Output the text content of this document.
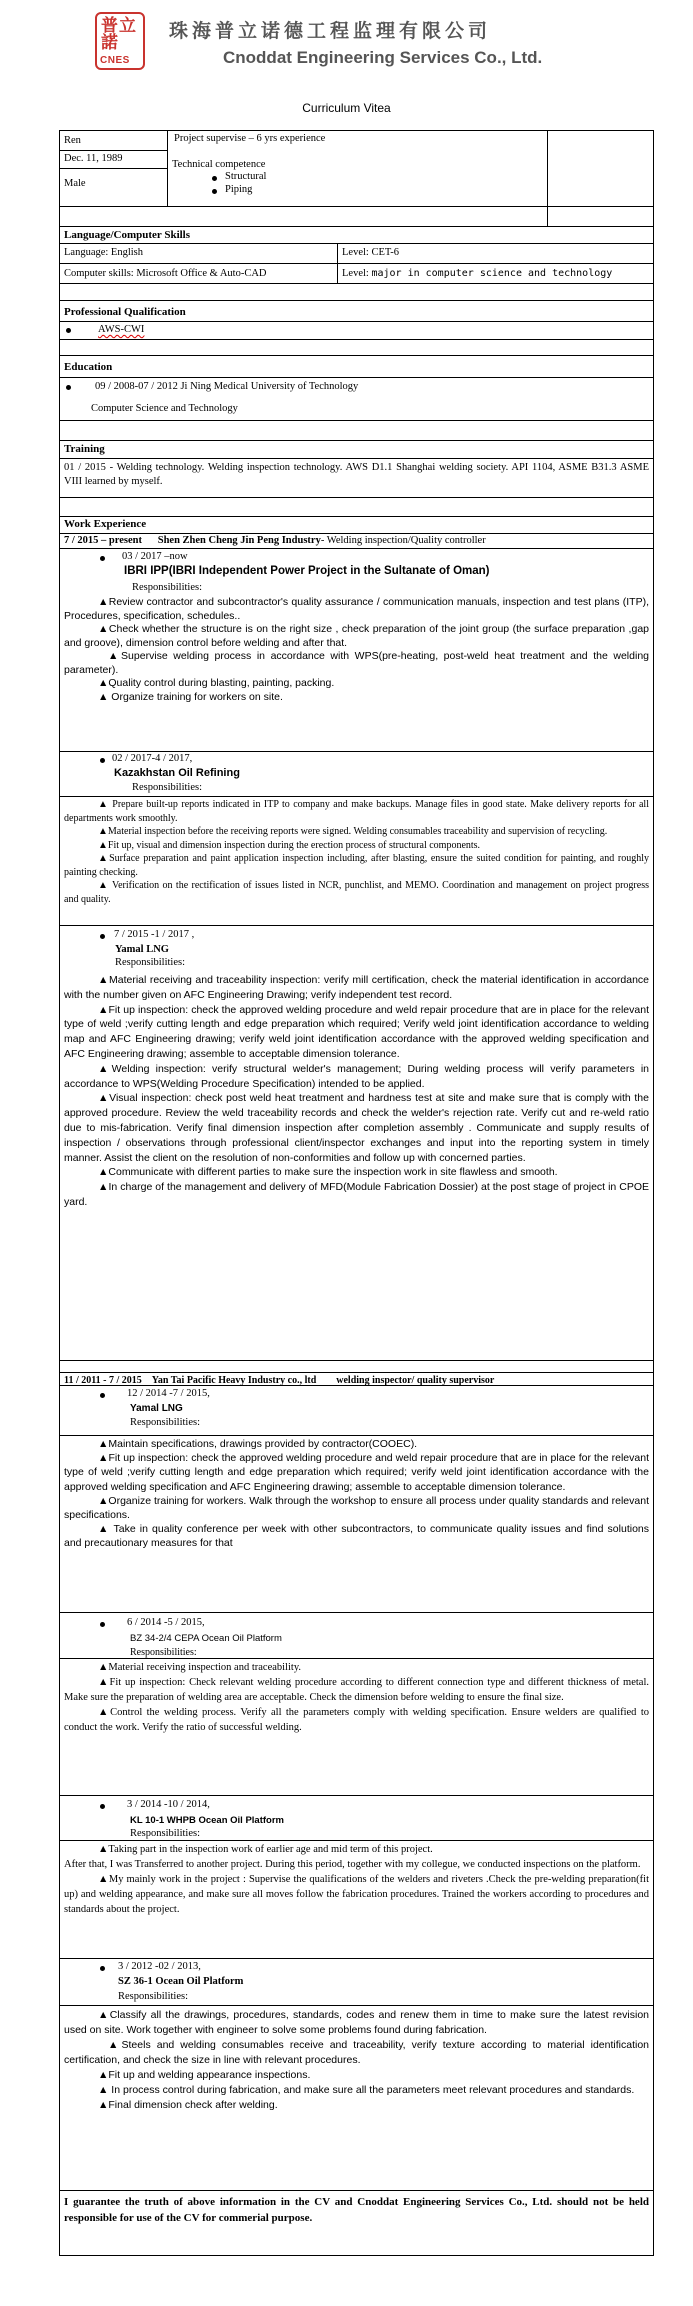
普立
諾
CNES
珠海普立诺德工程监理有限公司
Cnoddat Engineering Services Co., Ltd.
Curriculum Vitea
Ren
Dec. 11, 1989
Male
Project supervise – 6 yrs experience
Technical competence
Structural
Piping
Language/Computer Skills
Language: English	Level: CET-6
Computer skills: Microsoft Office & Auto-CAD	Level: major in computer science and technology
Professional Qualification
AWS-CWI
Education
09 / 2008-07 / 2012 Ji Ning Medical University of Technology
Computer Science and Technology
Training
01 / 2015 - Welding technology. Welding inspection technology. AWS D1.1 Shanghai welding society. API 1104, ASME B31.3 ASME VIII learned by myself.
Work Experience
7 / 2015 – present Shen Zhen Cheng Jin Peng Industry- Welding inspection/Quality controller
03 / 2017 –now
IBRI IPP(IBRI Independent Power Project in the Sultanate of Oman)
Responsibilities:

▲Review contractor and subcontractor's quality assurance / communication manuals, inspection and test plans (ITP), Procedures, specification, schedules..

▲Check whether the structure is on the right size , check preparation of the joint group (the surface preparation ,gap and groove), dimension control before welding and after that.

▲Supervise welding process in accordance with WPS(pre-heating, post-weld heat treatment and the welding parameter).

▲Quality control during blasting, painting, packing.

▲ Organize training for workers on site.

02 / 2017-4 / 2017,
Kazakhstan Oil Refining
Responsibilities:

▲ Prepare built-up reports indicated in ITP to company and make backups. Manage files in good state. Make delivery reports for all departments work smoothly.

▲Material inspection before the receiving reports were signed. Welding consumables traceability and supervision of recycling.

▲Fit up, visual and dimension inspection during the erection process of structural components.

▲Surface preparation and paint application inspection including, after blasting, ensure the suited condition for painting, and roughly painting checking.

▲ Verification on the rectification of issues listed in NCR, punchlist, and MEMO. Coordination and management on project progress and quality.

7 / 2015 -1 / 2017 ,
Yamal LNG
Responsibilities:

▲Material receiving and traceability inspection: verify mill certification, check the material identification in accordance with the number given on AFC Engineering Drawing; verify independent test record.

▲Fit up inspection: check the approved welding procedure and weld repair procedure that are in place for the relevant type of weld ;verify cutting length and edge preparation which required; Verify weld joint identification accordance to welding map and AFC Engineering drawing; verify weld joint identification accordance with the approved welding specification and AFC Engineering drawing; assemble to acceptable dimension tolerance.

▲Welding inspection: verify structural welder's management; During welding process will verify parameters in accordance to WPS(Welding Procedure Specification) intended to be applied.

▲Visual inspection: check post weld heat treatment and hardness test at site and make sure that is comply with the approved procedure. Review the weld traceability records and check the welder's rejection rate. Verify cut and re-weld ratio due to mis-fabrication. Verify final dimension inspection after completion assembly . Communicate and supply results of inspection / observations through professional client/inspector exchanges and input into the reporting system in timely manner. Assist the client on the resolution of non-conformities and follow up with concerned parties.

▲Communicate with different parties to make sure the inspection work in site flawless and smooth.

▲In charge of the management and delivery of MFD(Module Fabrication Dossier) at the post stage of project in CPOE yard.

11 / 2011 - 7 / 2015 Yan Tai Pacific Heavy Industry co., ltd welding inspector/ quality supervisor
12 / 2014 -7 / 2015,
Yamal LNG
Responsibilities:

▲Maintain specifications, drawings provided by contractor(COOEC).

▲Fit up inspection: check the approved welding procedure and weld repair procedure that are in place for the relevant type of weld ;verify cutting length and edge preparation which required; verify weld joint identification accordance with the approved welding specification and AFC Engineering drawing; assemble to acceptable dimension tolerance.

▲Organize training for workers. Walk through the workshop to ensure all process under quality standards and relevant specifications.

▲ Take in quality conference per week with other subcontractors, to communicate quality issues and find solutions and precautionary measures for that

6 / 2014 -5 / 2015,
BZ 34-2/4 CEPA Ocean Oil Platform
Responsibilities:

▲Material receiving inspection and traceability.

▲Fit up inspection: Check relevant welding procedure according to different connection type and different thickness of metal. Make sure the preparation of welding area are acceptable. Check the dimension before welding to ensure the final size.

▲Control the welding process. Verify all the parameters comply with welding specification. Ensure welders are qualified to conduct the work. Verify the ratio of successful welding.

3 / 2014 -10 / 2014,
KL 10-1 WHPB Ocean Oil Platform
Responsibilities:

▲Taking part in the inspection work of earlier age and mid term of this project.

After that, I was Transferred to another project. During this period, together with my collegue, we conducted inspections on the platform.

▲My mainly work in the project : Supervise the qualifications of the welders and riveters .Check the pre-welding preparation(fit up) and welding appearance, and make sure all moves follow the fabrication procedures. Trained the workers according to procedures and standards about the project.

3 / 2012 -02 / 2013,
SZ 36-1 Ocean Oil Platform
Responsibilities:

▲Classify all the drawings, procedures, standards, codes and renew them in time to make sure the latest revision used on site. Work together with engineer to solve some problems found during fabrication.

▲Steels and welding consumables receive and traceability, verify texture according to material identification certification, and check the size in line with relevant procedures.

▲Fit up and welding appearance inspections.

▲ In process control during fabrication, and make sure all the parameters meet relevant procedures and standards.

▲Final dimension check after welding.

I guarantee the truth of above information in the CV and Cnoddat Engineering Services Co., Ltd. should not be held responsible for use of the CV for commerial purpose.
